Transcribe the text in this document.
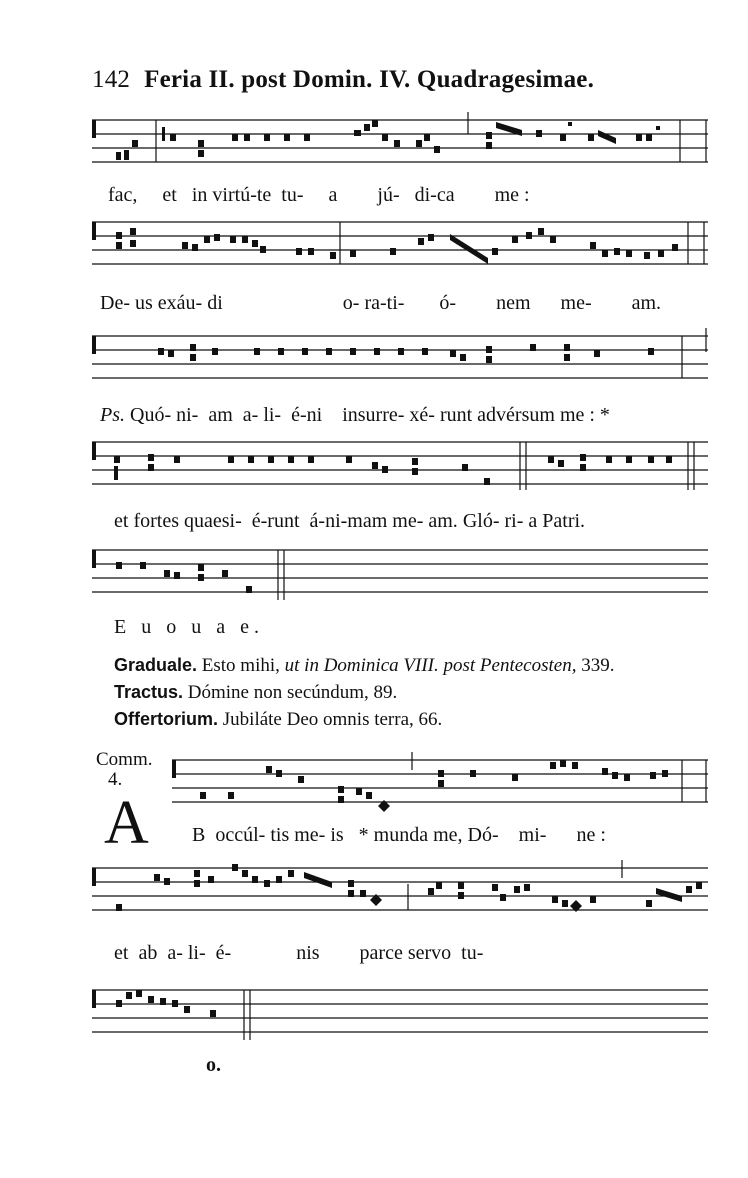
142 Feria II. post Domin. IV. Quadragesimae.
fac, et in virtú-te tu- a jú- di-ca me :
De- us exáu- di	o- ra-ti- ó- nem me- am.
Ps. Quó- ni- am a- li- é-ni insurre- xé- runt advérsum me : *
et fortes quaesi- é-runt á-ni-mam me- am. Gló- ri- a Patri.
E u o u a e.
Graduale. Esto mihi, ut in Dominica VIII. post Pentecosten, 339.
Tractus. Dómine non secúndum, 89.
Offertorium. Jubiláte Deo omnis terra, 66.
Comm.
4.
A B occúl- tis me- is * munda me, Dó- mi- ne :
et ab a- li- é-	nis parce servo tu-
o.
